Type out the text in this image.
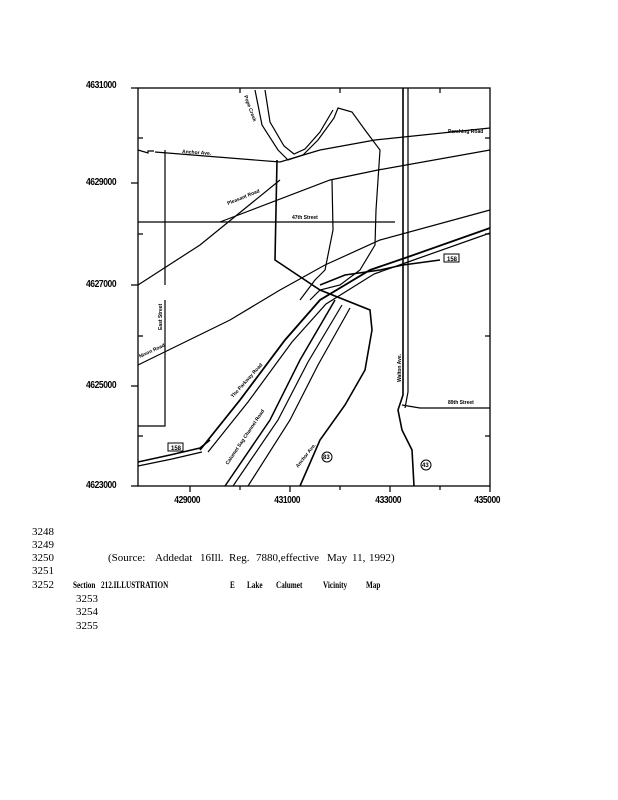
Anchor Ave.
Pershing Road
Pope Creek
Pleasant Road
47th Street
East Street
Nixon Road
The Parkway Road
Calumet Sag Channel Road	Anchor Ave.
Walton Ave.
89th Street
158
158
83
43
4631000
4629000
4627000
4625000
4623000
429000	431000	433000	435000
3248
3249
3250
3251
3252
3253
3254
3255
(Source: Addedat 16Ill. Reg. 7880,effective May 11, 1992)
Section 212.ILLUSTRATION	E Lake Calumet Vicinity Map
